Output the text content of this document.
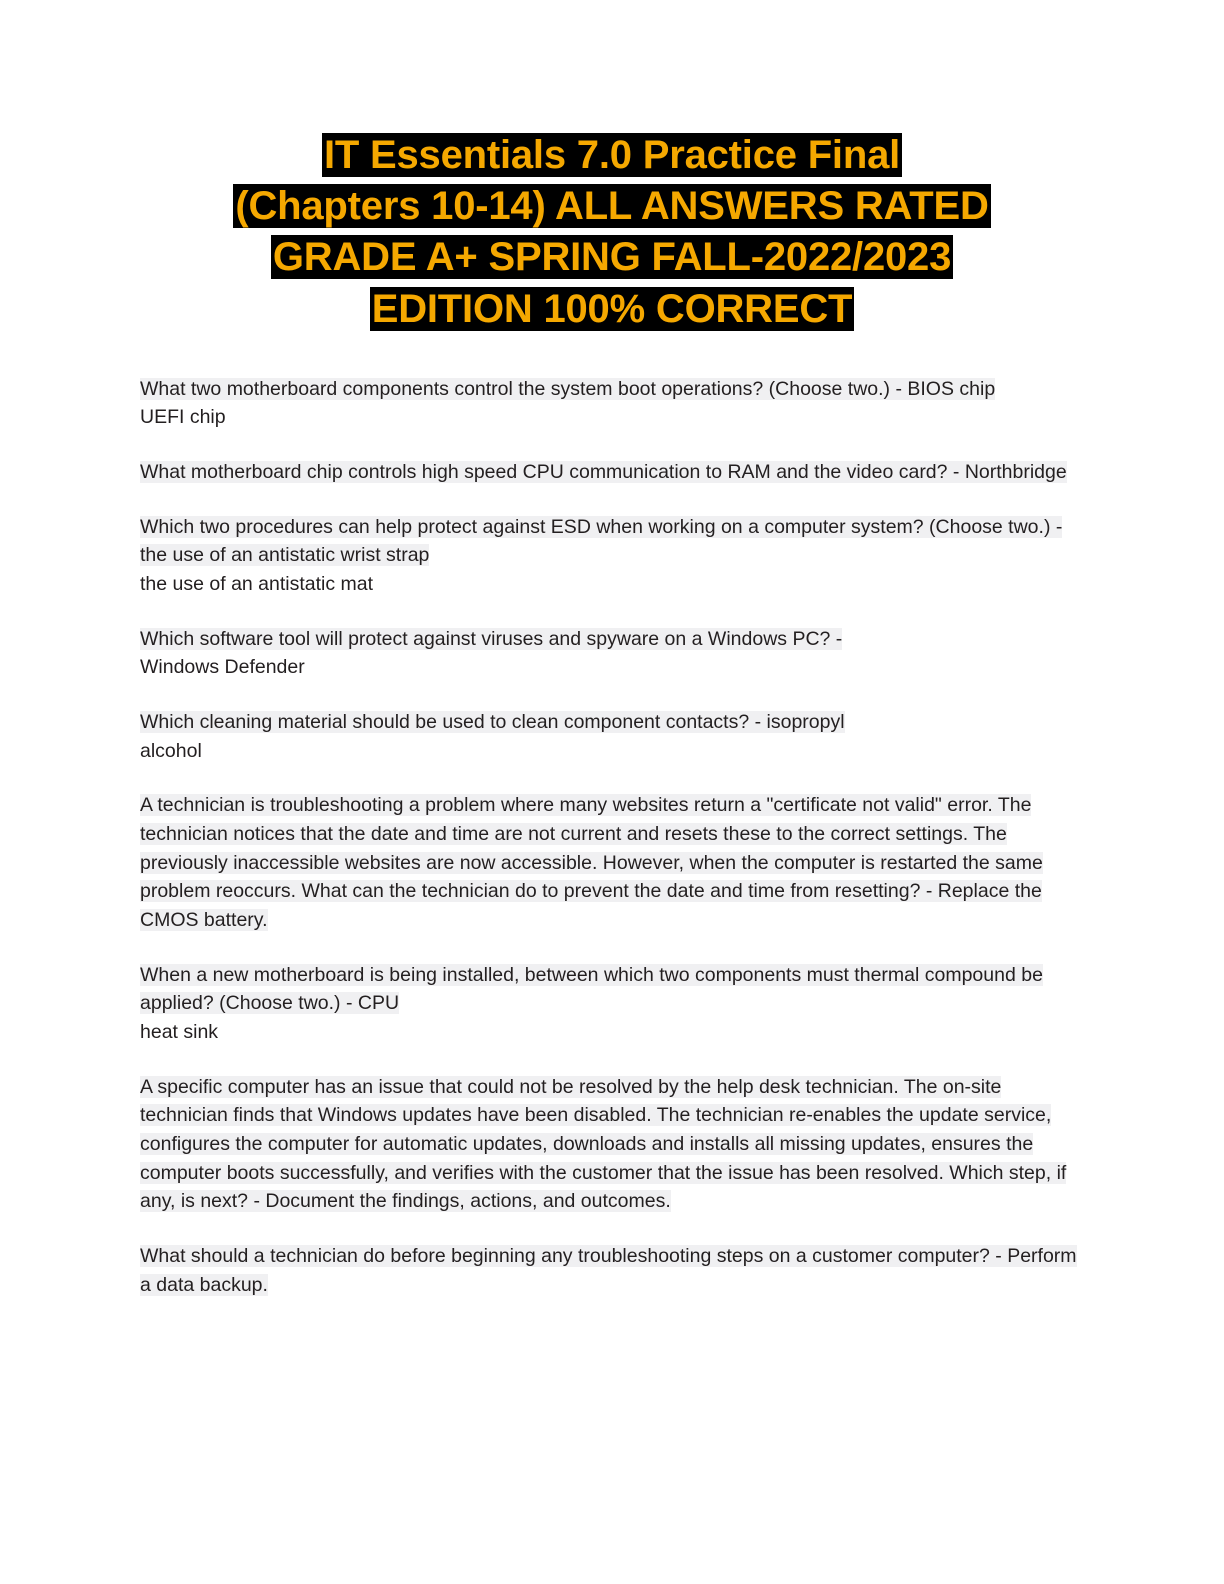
IT Essentials 7.0 Practice Final
(Chapters 10-14) ALL ANSWERS RATED
GRADE A+ SPRING FALL-2022/2023
EDITION 100% CORRECT

What two motherboard components control the system boot operations? (Choose two.) - BIOS chip
UEFI chip

What motherboard chip controls high speed CPU communication to RAM and the video card? - Northbridge

Which two procedures can help protect against ESD when working on a computer system? (Choose two.) - the use of an antistatic wrist strap
the use of an antistatic mat

Which software tool will protect against viruses and spyware on a Windows PC? -
Windows Defender

Which cleaning material should be used to clean component contacts? - isopropyl
alcohol

A technician is troubleshooting a problem where many websites return a "certificate not valid" error. The technician notices that the date and time are not current and resets these to the correct settings. The previously inaccessible websites are now accessible. However, when the computer is restarted the same problem reoccurs. What can the technician do to prevent the date and time from resetting? - Replace the CMOS battery.

When a new motherboard is being installed, between which two components must thermal compound be applied? (Choose two.) - CPU
heat sink

A specific computer has an issue that could not be resolved by the help desk technician. The on-site technician finds that Windows updates have been disabled. The technician re-enables the update service, configures the computer for automatic updates, downloads and installs all missing updates, ensures the computer boots successfully, and verifies with the customer that the issue has been resolved. Which step, if any, is next? - Document the findings, actions, and outcomes.

What should a technician do before beginning any troubleshooting steps on a customer computer? - Perform a data backup.
